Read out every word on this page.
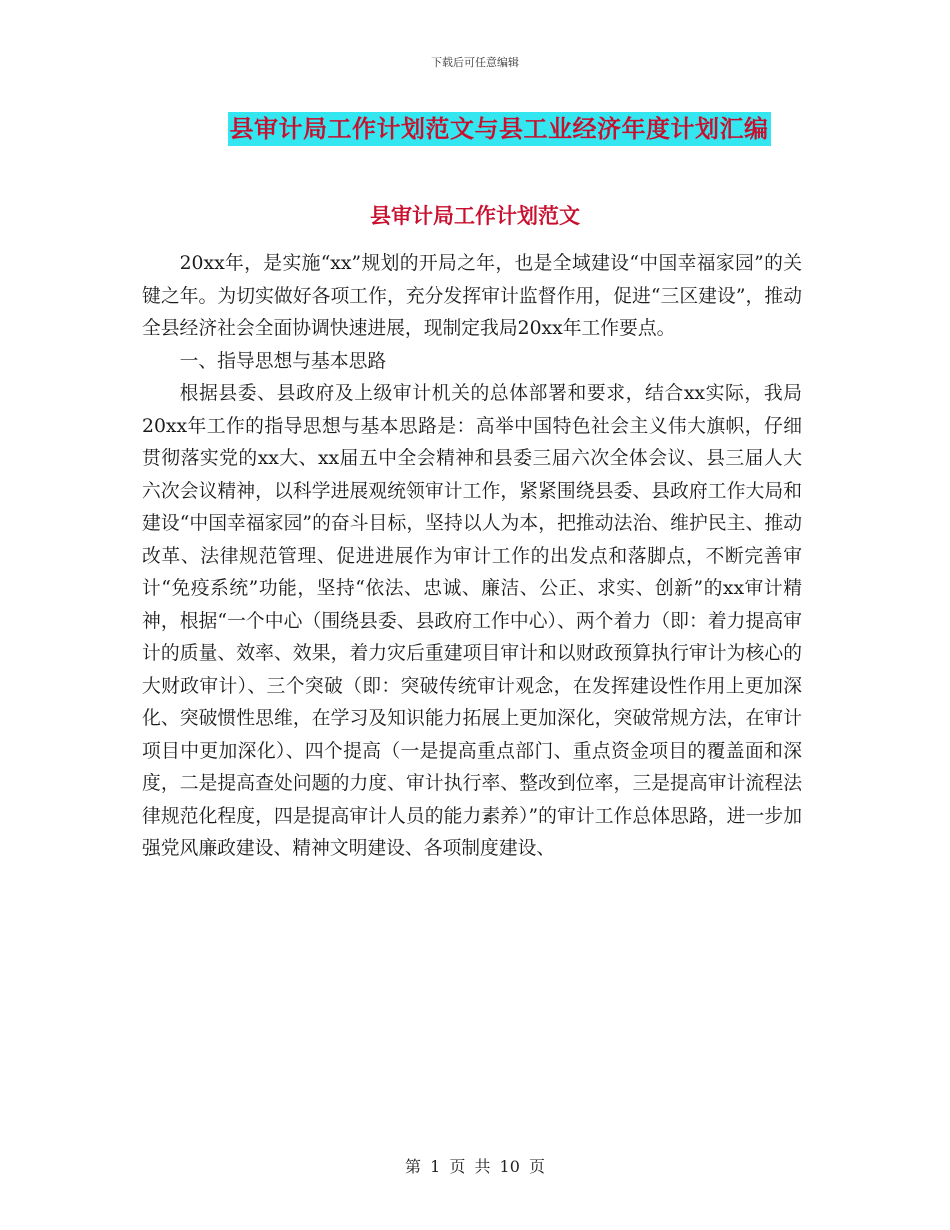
下载后可任意编辑
县审计局工作计划范文与县工业经济年度计划汇编
县审计局工作计划范文

20xx年，是实施“xx”规划的开局之年，也是全域建设“中国幸福家园”的关键之年。为切实做好各项工作，充分发挥审计监督作用，促进“三区建设”，推动全县经济社会全面协调快速进展，现制定我局20xx年工作要点。

一、指导思想与基本思路

根据县委、县政府及上级审计机关的总体部署和要求，结合xx实际，我局20xx年工作的指导思想与基本思路是：高举中国特色社会主义伟大旗帜，仔细贯彻落实党的xx大、xx届五中全会精神和县委三届六次全体会议、县三届人大六次会议精神，以科学进展观统领审计工作，紧紧围绕县委、县政府工作大局和建设“中国幸福家园”的奋斗目标，坚持以人为本，把推动法治、维护民主、推动改革、法律规范管理、促进进展作为审计工作的出发点和落脚点，不断完善审计“免疫系统”功能，坚持“依法、忠诚、廉洁、公正、求实、创新”的xx审计精神，根据“一个中心（围绕县委、县政府工作中心）、两个着力（即：着力提高审计的质量、效率、效果，着力灾后重建项目审计和以财政预算执行审计为核心的大财政审计）、三个突破（即：突破传统审计观念，在发挥建设性作用上更加深化、突破惯性思维，在学习及知识能力拓展上更加深化，突破常规方法，在审计项目中更加深化）、四个提高（一是提高重点部门、重点资金项目的覆盖面和深度，二是提高查处问题的力度、审计执行率、整改到位率，三是提高审计流程法律规范化程度，四是提高审计人员的能力素养）”的审计工作总体思路，进一步加强党风廉政建设、精神文明建设、各项制度建设、

第 1 页 共 10 页
